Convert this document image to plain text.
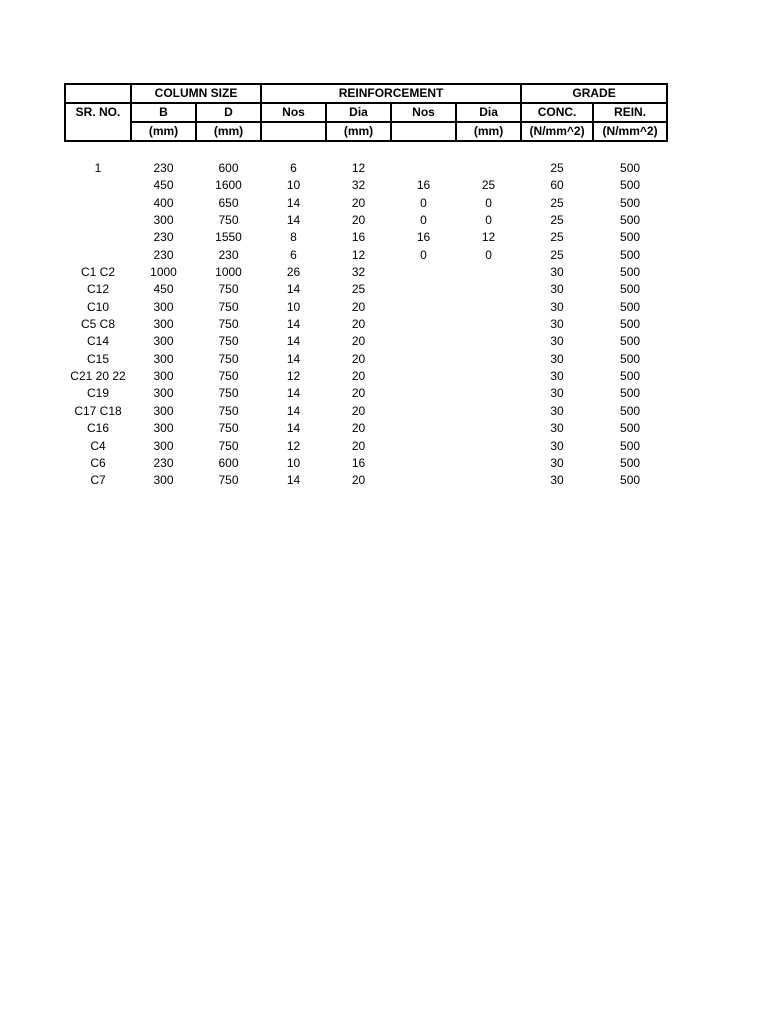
	COLUMN SIZE		REINFORCEMENT				GRADE	
SR. NO.	B	D	Nos	Dia	Nos	Dia	CONC.	REIN.
	(mm)	(mm)		(mm)		(mm)	(N/mm^2)	(N/mm^2)

1	230	600	6	12			25	500
	450	1600	10	32	16	25	60	500
	400	650	14	20	0	0	25	500
	300	750	14	20	0	0	25	500
	230	1550	8	16	16	12	25	500
	230	230	6	12	0	0	25	500
C1 C2	1000	1000	26	32			30	500
C12	450	750	14	25			30	500
C10	300	750	10	20			30	500
C5 C8	300	750	14	20			30	500
C14	300	750	14	20			30	500
C15	300	750	14	20			30	500
C21 20 22	300	750	12	20			30	500
C19	300	750	14	20			30	500
C17 C18	300	750	14	20			30	500
C16	300	750	14	20			30	500
C4	300	750	12	20			30	500
C6	230	600	10	16			30	500
C7	300	750	14	20			30	500
